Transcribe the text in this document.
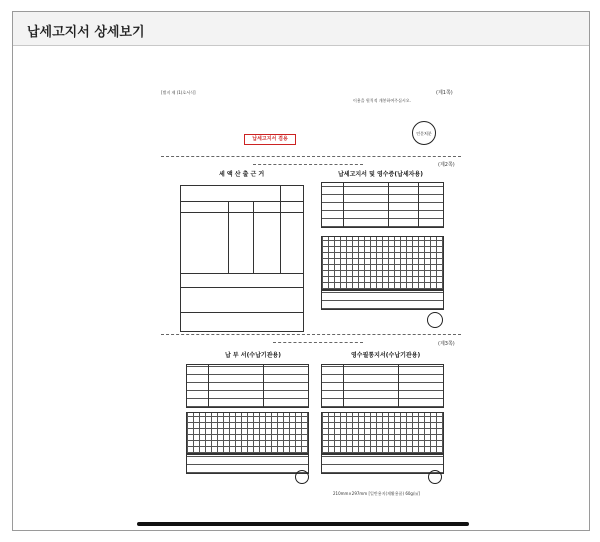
납세고지서 상세보기
[별지 제 (1)호서식]	(제1쪽)
이용을 원칙적 개봉하여주십시오.
납세고지서 겸용
인문처분
(제2쪽)
세 액 산 출 근 거	납세고지서 및 영수증(납세자용)
(제3쪽)
납 부 서(수납기관용)	영수필통지서(수납기관용)
210mm×297mm [일반용지(재활용품) 60g/㎡]
